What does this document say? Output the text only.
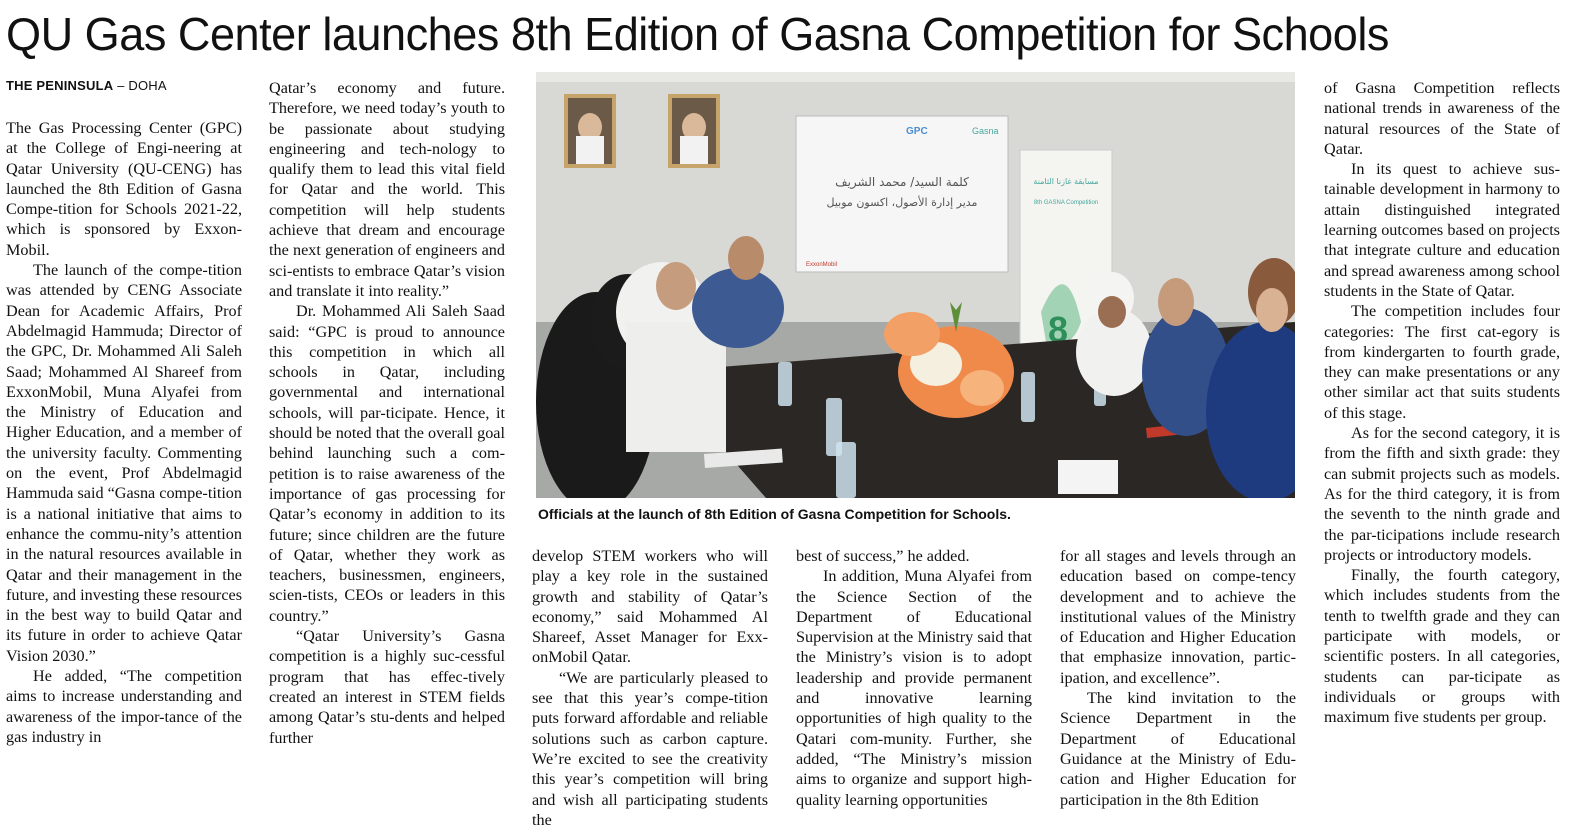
QU Gas Center launches 8th Edition of Gasna Competition for Schools
THE PENINSULA – DOHA

The Gas Processing Center (GPC) at the College of Engi-neering at Qatar University (QU-CENG) has launched the 8th Edition of Gasna Compe-tition for Schools 2021-22, which is sponsored by Exxon-Mobil.

The launch of the compe-tition was attended by CENG Associate Dean for Academic Affairs, Prof Abdelmagid Hammuda; Director of the GPC, Dr. Mohammed Ali Saleh Saad; Mohammed Al Shareef from ExxonMobil, Muna Alyafei from the Ministry of Education and Higher Education, and a member of the university faculty. Commenting on the event, Prof Abdelmagid Hammuda said “Gasna compe-tition is a national initiative that aims to enhance the commu-nity’s attention in the natural resources available in Qatar and their management in the future, and investing these resources in the best way to build Qatar and its future in order to achieve Qatar Vision 2030.”

He added, “The competition aims to increase understanding and awareness of the impor-tance of the gas industry in

Qatar’s economy and future. Therefore, we need today’s youth to be passionate about studying engineering and tech-nology to qualify them to lead this vital field for Qatar and the world. This competition will help students achieve that dream and encourage the next generation of engineers and sci-entists to embrace Qatar’s vision and translate it into reality.”

Dr. Mohammed Ali Saleh Saad said: “GPC is proud to announce this competition in which all schools in Qatar, including governmental and international schools, will par-ticipate. Hence, it should be noted that the overall goal behind launching such a com-petition is to raise awareness of the importance of gas processing for Qatar’s economy in addition to its future; since children are the future of Qatar, whether they work as teachers, businessmen, engineers, scien-tists, CEOs or leaders in this country.”

“Qatar University’s Gasna competition is a highly suc-cessful program that has effec-tively created an interest in STEM fields among Qatar’s stu-dents and helped further

GPC	Gasna
كلمة السيد/ محمد الشريف
مدير إدارة الأصول، اكسون موبيل
ExxonMobil
مسابقة غازنا الثامنة
8th GASNA Competition
8
Officials at the launch of 8th Edition of Gasna Competition for Schools.

develop STEM workers who will play a key role in the sustained growth and stability of Qatar’s economy,” said Mohammed Al Shareef, Asset Manager for Exx-onMobil Qatar.

“We are particularly pleased to see that this year’s compe-tition puts forward affordable and reliable solutions such as carbon capture. We’re excited to see the creativity this year’s competition will bring and wish all participating students the

best of success,” he added.

In addition, Muna Alyafei from the Science Section of the Department of Educational Supervision at the Ministry said that the Ministry’s vision is to adopt leadership and provide permanent and innovative learning opportunities of high quality to the Qatari com-munity. Further, she added, “The Ministry’s mission aims to organize and support high-quality learning opportunities

for all stages and levels through an education based on compe-tency development and to achieve the institutional values of the Ministry of Education and Higher Education that emphasize innovation, partic-ipation, and excellence”.

The kind invitation to the Science Department in the Department of Educational Guidance at the Ministry of Edu-cation and Higher Education for participation in the 8th Edition

of Gasna Competition reflects national trends in awareness of the natural resources of the State of Qatar.

In its quest to achieve sus-tainable development in harmony to attain distinguished integrated learning outcomes based on projects that integrate culture and education and spread awareness among school students in the State of Qatar.

The competition includes four categories: The first cat-egory is from kindergarten to fourth grade, they can make presentations or any other similar act that suits students of this stage.

As for the second category, it is from the fifth and sixth grade: they can submit projects such as models. As for the third category, it is from the seventh to the ninth grade and the par-ticipations include research projects or introductory models.

Finally, the fourth category, which includes students from the tenth to twelfth grade and they can participate with models, or scientific posters. In all categories, students can par-ticipate as individuals or groups with maximum five students per group.
